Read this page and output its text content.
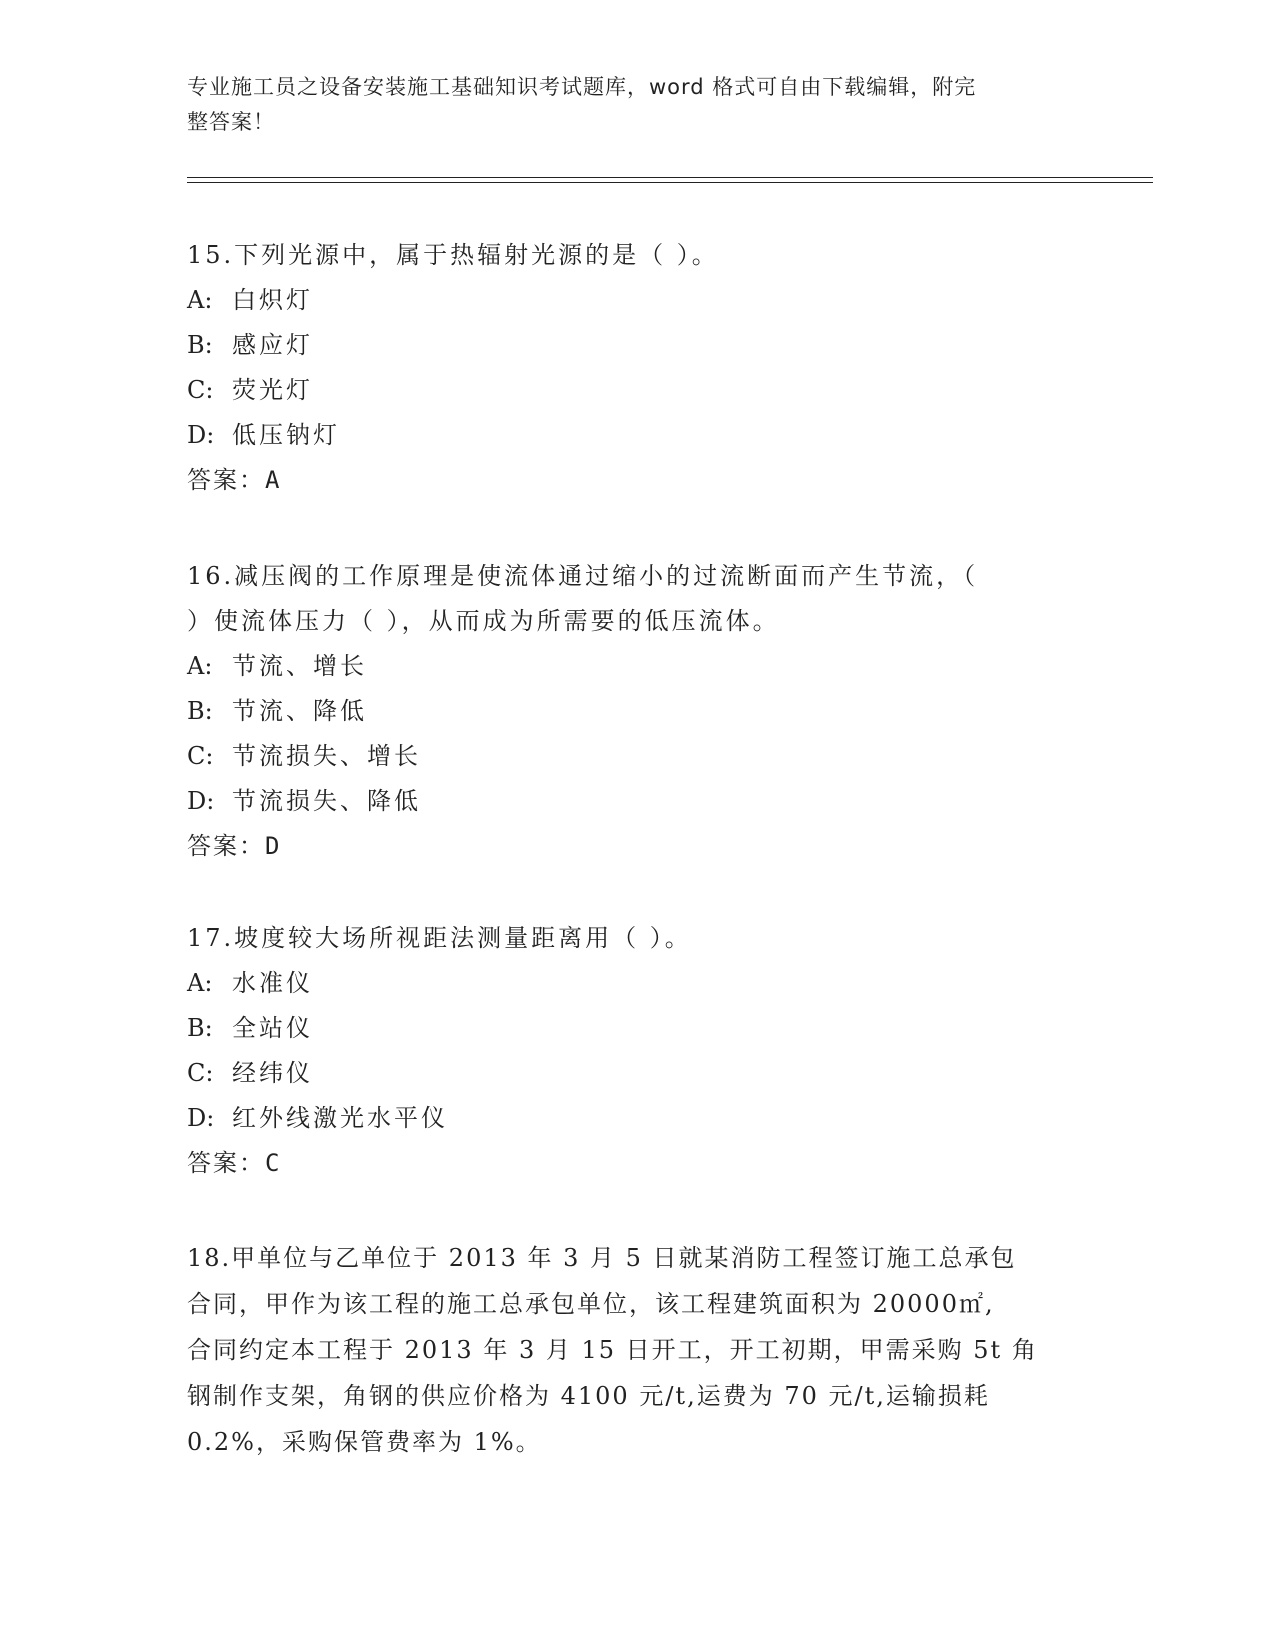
专业施工员之设备安装施工基础知识考试题库，word 格式可自由下载编辑，附完
整答案！

15.下列光源中，属于热辐射光源的是（ ）。

A: 白炽灯
B: 感应灯
C: 荧光灯
D: 低压钠灯
答案：A

16.减压阀的工作原理是使流体通过缩小的过流断面而产生节流，（

）使流体压力（ ），从而成为所需要的低压流体。

A: 节流、增长
B: 节流、降低
C: 节流损失、增长
D: 节流损失、降低
答案：D

17.坡度较大场所视距法测量距离用（ ）。

A: 水准仪
B: 全站仪
C: 经纬仪
D: 红外线激光水平仪
答案：C

18.甲单位与乙单位于 2013 年 3 月 5 日就某消防工程签订施工总承包

合同，甲作为该工程的施工总承包单位，该工程建筑面积为 20000㎡,

合同约定本工程于 2013 年 3 月 15 日开工，开工初期，甲需采购 5t 角

钢制作支架，角钢的供应价格为 4100 元/t,运费为 70 元/t,运输损耗

0.2%，采购保管费率为 1%。
